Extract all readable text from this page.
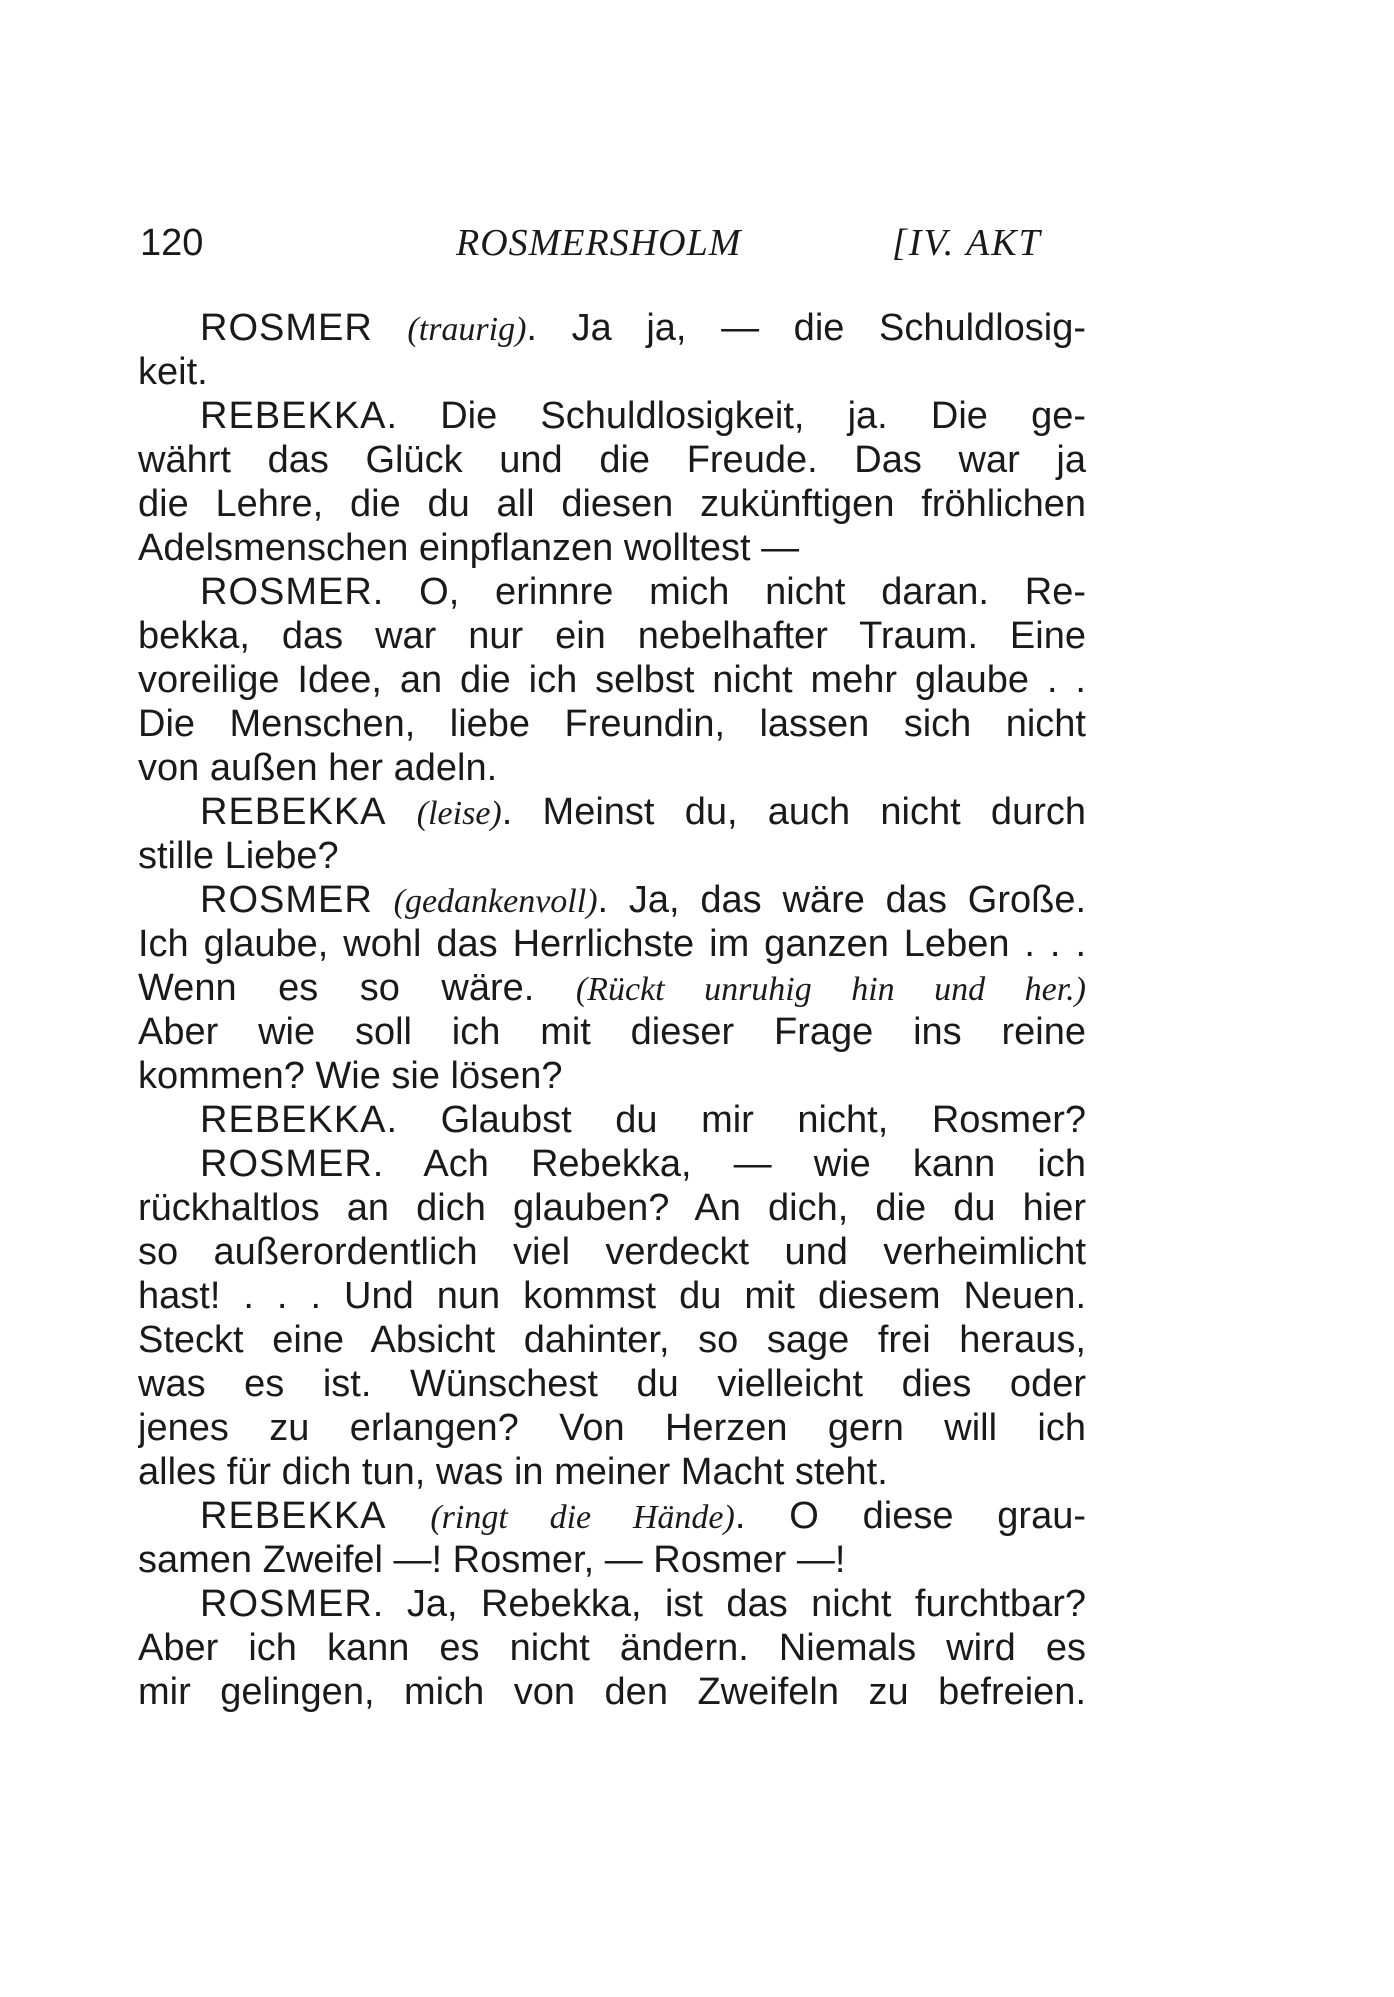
120	ROSMERSHOLM	[IV. AKT
ROSMER (traurig). Ja ja, — die Schuldlosig-
keit.
REBEKKA. Die Schuldlosigkeit, ja. Die ge-
währt das Glück und die Freude. Das war ja
die Lehre, die du all diesen zukünftigen fröhlichen
Adelsmenschen einpflanzen wolltest —
ROSMER. O, erinnre mich nicht daran. Re-
bekka, das war nur ein nebelhafter Traum. Eine
voreilige Idee, an die ich selbst nicht mehr glaube . .
Die Menschen, liebe Freundin, lassen sich nicht
von außen her adeln.
REBEKKA (leise). Meinst du, auch nicht durch
stille Liebe?
ROSMER (gedankenvoll). Ja, das wäre das Große.
Ich glaube, wohl das Herrlichste im ganzen Leben . . .
Wenn es so wäre. (Rückt unruhig hin und her.)
Aber wie soll ich mit dieser Frage ins reine
kommen? Wie sie lösen?
REBEKKA. Glaubst du mir nicht, Rosmer?
ROSMER. Ach Rebekka, — wie kann ich
rückhaltlos an dich glauben? An dich, die du hier
so außerordentlich viel verdeckt und verheimlicht
hast! . . . Und nun kommst du mit diesem Neuen.
Steckt eine Absicht dahinter, so sage frei heraus,
was es ist. Wünschest du vielleicht dies oder
jenes zu erlangen? Von Herzen gern will ich
alles für dich tun, was in meiner Macht steht.
REBEKKA (ringt die Hände). O diese grau-
samen Zweifel —! Rosmer, — Rosmer —!
ROSMER. Ja, Rebekka, ist das nicht furchtbar?
Aber ich kann es nicht ändern. Niemals wird es
mir gelingen, mich von den Zweifeln zu befreien.
